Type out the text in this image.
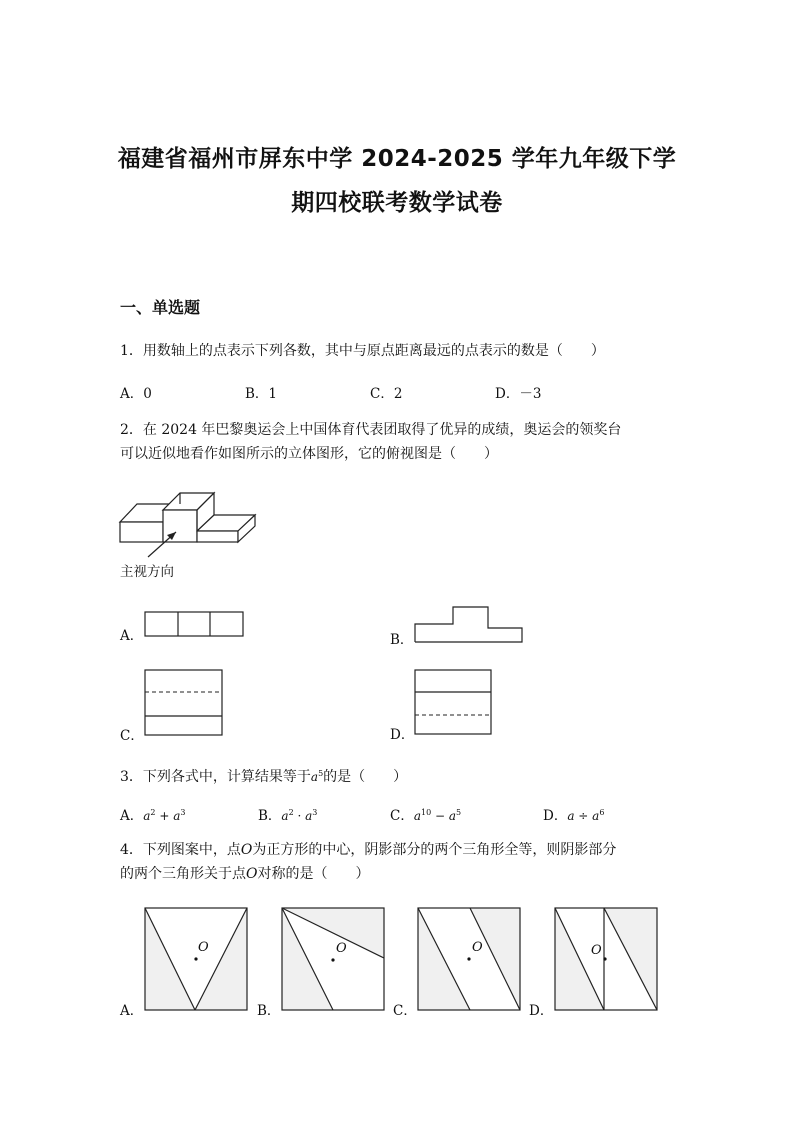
福建省福州市屏东中学 2024-2025 学年九年级下学
期四校联考数学试卷
一、单选题
1．用数轴上的点表示下列各数，其中与原点距离最远的点表示的数是（　　）
A．0	B．1	C．2	D．－3
2．在 2024 年巴黎奥运会上中国体育代表团取得了优异的成绩，奥运会的领奖台
可以近似地看作如图所示的立体图形，它的俯视图是（　　）
主视方向
A．	B．
C．	D．
3．下列各式中，计算结果等于$a^5$的是（　　）
A．$a^2 + a^3$	B．$a^2 \cdot a^3$	C．$a^{10} - a^5$	D．$a \div a^6$
4．下列图案中，点O为正方形的中心，阴影部分的两个三角形全等，则阴影部分
的两个三角形关于点O对称的是（　　）
O	O	O	O
A．	B．	C．	D．
